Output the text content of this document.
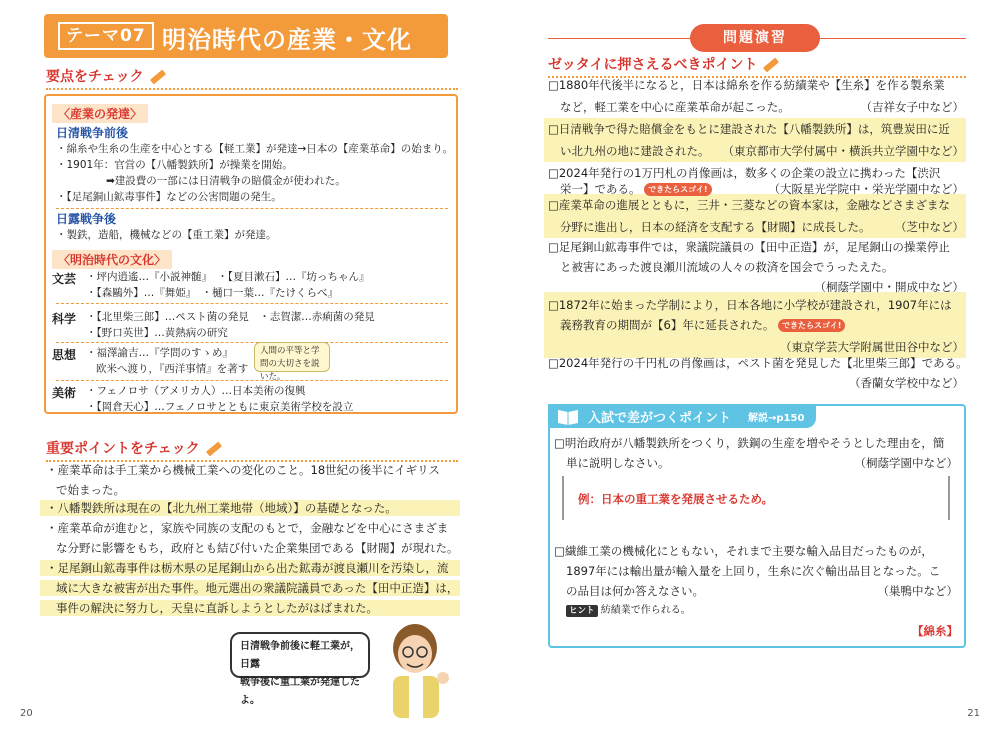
テーマ07 明治時代の産業・文化
要点をチェック
〈産業の発達〉
日清戦争前後
・綿糸や生糸の生産を中心とする【軽工業】が発達→日本の【産業革命】の始まり。
・1901年：官営の【八幡製鉄所】が操業を開始。
➡建設費の一部には日清戦争の賠償金が使われた。
・【足尾銅山鉱毒事件】などの公害問題の発生。
日露戦争後
・製鉄，造船，機械などの【重工業】が発達。
〈明治時代の文化〉
文芸 ・坪内逍遙…『小説神髄』　・【夏目漱石】…『坊っちゃん』
・【森鷗外】…『舞姫』　・樋口一葉…『たけくらべ』
科学 ・【北里柴三郎】…ペスト菌の発見　・志賀潔…赤痢菌の発見
・【野口英世】…黄熱病の研究
思想 ・福澤諭吉…『学問のすゝめ』
欧米へ渡り，『西洋事情』を著す
人間の平等と学問の大切さを説いた。
美術 ・フェノロサ（アメリカ人）…日本美術の復興
・【岡倉天心】…フェノロサとともに東京美術学校を設立
重要ポイントをチェック
・産業革命は手工業から機械工業への変化のこと。18世紀の後半にイギリス
で始まった。
・八幡製鉄所は現在の【北九州工業地帯（地域）】の基礎となった。
・産業革命が進むと，家族や同族の支配のもとで，金融などを中心にさまざま
な分野に影響をもち，政府とも結び付いた企業集団である【財閥】が現れた。
・足尾銅山鉱毒事件は栃木県の足尾銅山から出た鉱毒が渡良瀬川を汚染し，流
域に大きな被害が出た事件。地元選出の衆議院議員であった【田中正造】は，
事件の解決に努力し，天皇に直訴しようとしたがはばまれた。
日清戦争前後に軽工業が，日露
戦争後に重工業が発達したよ。
20
問題演習
ゼッタイに押さえるべきポイント
□1880年代後半になると，日本は綿糸を作る紡績業や【生糸】を作る製糸業
など，軽工業を中心に産業革命が起こった。	（吉祥女子中など）
□日清戦争で得た賠償金をもとに建設された【八幡製鉄所】は，筑豊炭田に近
い北九州の地に建設された。 （東京都市大学付属中・横浜共立学園中など）
□2024年発行の1万円札の肖像画は，数多くの企業の設立に携わった【渋沢
栄一】である。 できたらスゴイ!	（大阪星光学院中・栄光学園中など）
□産業革命の進展とともに，三井・三菱などの資本家は，金融などさまざまな
分野に進出し，日本の経済を支配する【財閥】に成長した。 （芝中など）
□足尾銅山鉱毒事件では，衆議院議員の【田中正造】が，足尾銅山の操業停止
と被害にあった渡良瀬川流域の人々の救済を国会でうったえた。
（桐蔭学園中・開成中など）
□1872年に始まった学制により，日本各地に小学校が建設され，1907年には
義務教育の期間が【6】年に延長された。 できたらスゴイ!
（東京学芸大学附属世田谷中など）
□2024年発行の千円札の肖像画は，ペスト菌を発見した【北里柴三郎】である。
（香蘭女学校中など）
入試で差がつくポイント 解説→p150
□明治政府が八幡製鉄所をつくり，鉄鋼の生産を増やそうとした理由を，簡
単に説明しなさい。	（桐蔭学園中など）
例：日本の重工業を発展させるため。
□繊維工業の機械化にともない，それまで主要な輸入品目だったものが，
1897年には輸出量が輸入量を上回り，生糸に次ぐ輸出品目となった。こ
の品目は何か答えなさい。	（巣鴨中など）
ヒント 紡績業で作られる。
【綿糸】
21
